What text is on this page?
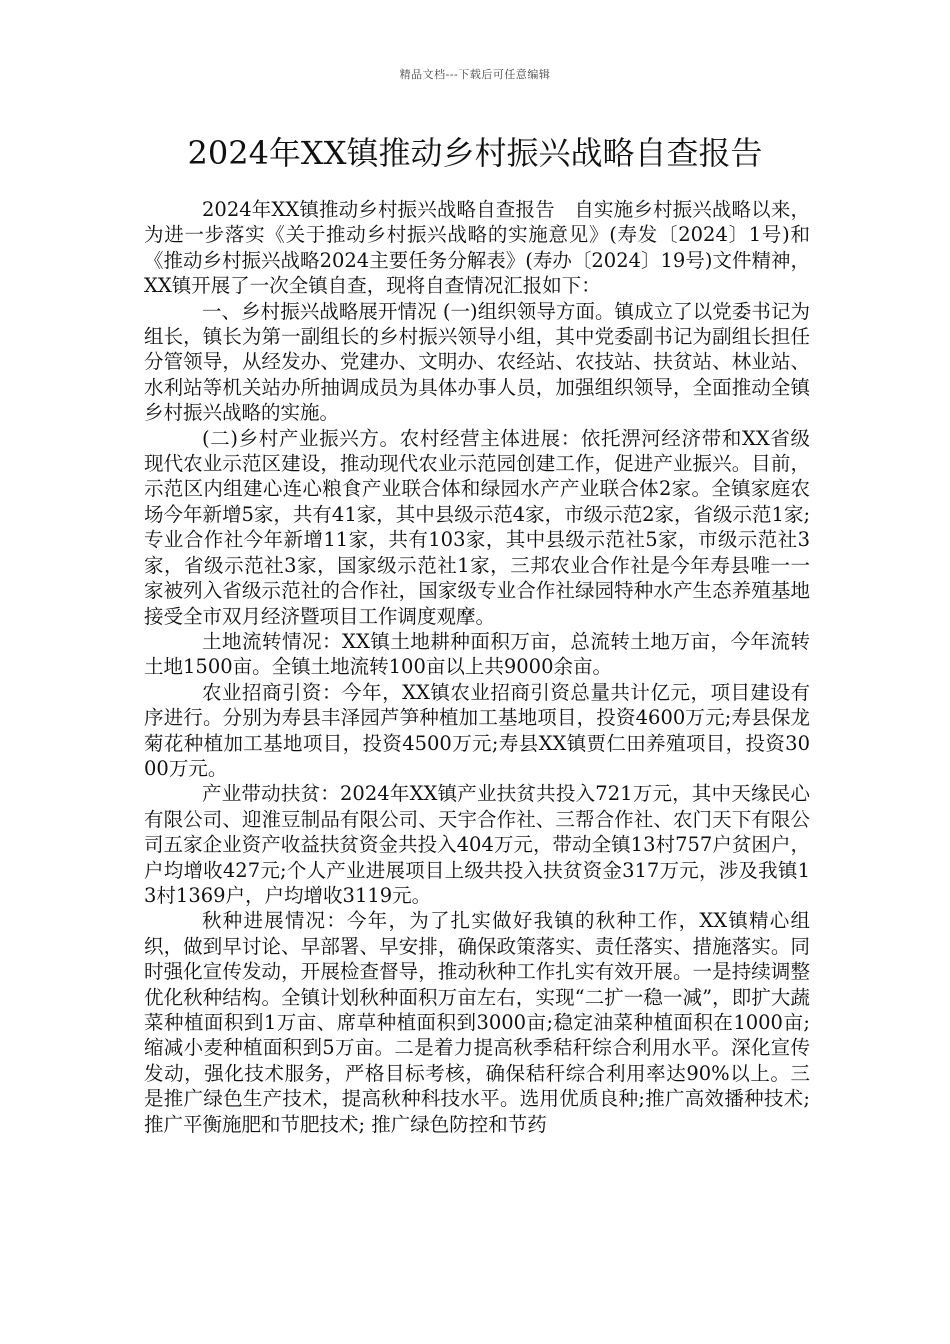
精品文档---下载后可任意编辑
2024年XX镇推动乡村振兴战略自查报告

2024年XX镇推动乡村振兴战略自查报告　自实施乡村振兴战略以来，为进一步落实《关于推动乡村振兴战略的实施意见》(寿发〔2024〕1号)和《推动乡村振兴战略2024主要任务分解表》(寿办〔2024〕19号)文件精神，XX镇开展了一次全镇自查，现将自查情况汇报如下：

一、乡村振兴战略展开情况 (一)组织领导方面。镇成立了以党委书记为组长，镇长为第一副组长的乡村振兴领导小组，其中党委副书记为副组长担任分管领导，从经发办、党建办、文明办、农经站、农技站、扶贫站、林业站、水利站等机关站办所抽调成员为具体办事人员，加强组织领导，全面推动全镇乡村振兴战略的实施。

(二)乡村产业振兴方。农村经营主体进展：依托淠河经济带和XX省级现代农业示范区建设，推动现代农业示范园创建工作，促进产业振兴。目前，示范区内组建心连心粮食产业联合体和绿园水产产业联合体2家。全镇家庭农场今年新增5家，共有41家，其中县级示范4家，市级示范2家，省级示范1家;专业合作社今年新增11家，共有103家，其中县级示范社5家，市级示范社3家，省级示范社3家，国家级示范社1家，三邦农业合作社是今年寿县唯一一家被列入省级示范社的合作社，国家级专业合作社绿园特种水产生态养殖基地接受全市双月经济暨项目工作调度观摩。

土地流转情况：XX镇土地耕种面积万亩，总流转土地万亩，今年流转土地1500亩。全镇土地流转100亩以上共9000余亩。

农业招商引资：今年，XX镇农业招商引资总量共计亿元，项目建设有序进行。分别为寿县丰泽园芦笋种植加工基地项目，投资4600万元;寿县保龙菊花种植加工基地项目，投资4500万元;寿县XX镇贾仁田养殖项目，投资3000万元。

产业带动扶贫：2024年XX镇产业扶贫共投入721万元，其中天缘民心有限公司、迎淮豆制品有限公司、天宇合作社、三帮合作社、农门天下有限公司五家企业资产收益扶贫资金共投入404万元，带动全镇13村757户贫困户，户均增收427元;个人产业进展项目上级共投入扶贫资金317万元，涉及我镇13村1369户，户均增收3119元。

秋种进展情况：今年，为了扎实做好我镇的秋种工作，XX镇精心组织，做到早讨论、早部署、早安排，确保政策落实、责任落实、措施落实。同时强化宣传发动，开展检查督导，推动秋种工作扎实有效开展。一是持续调整优化秋种结构。全镇计划秋种面积万亩左右，实现“二扩一稳一减”，即扩大蔬菜种植面积到1万亩、席草种植面积到3000亩;稳定油菜种植面积在1000亩;缩减小麦种植面积到5万亩。二是着力提高秋季秸秆综合利用水平。深化宣传发动，强化技术服务，严格目标考核，确保秸秆综合利用率达90%以上。三是推广绿色生产技术，提高秋种科技水平。选用优质良种;推广高效播种技术;推广平衡施肥和节肥技术; 推广绿色防控和节药
